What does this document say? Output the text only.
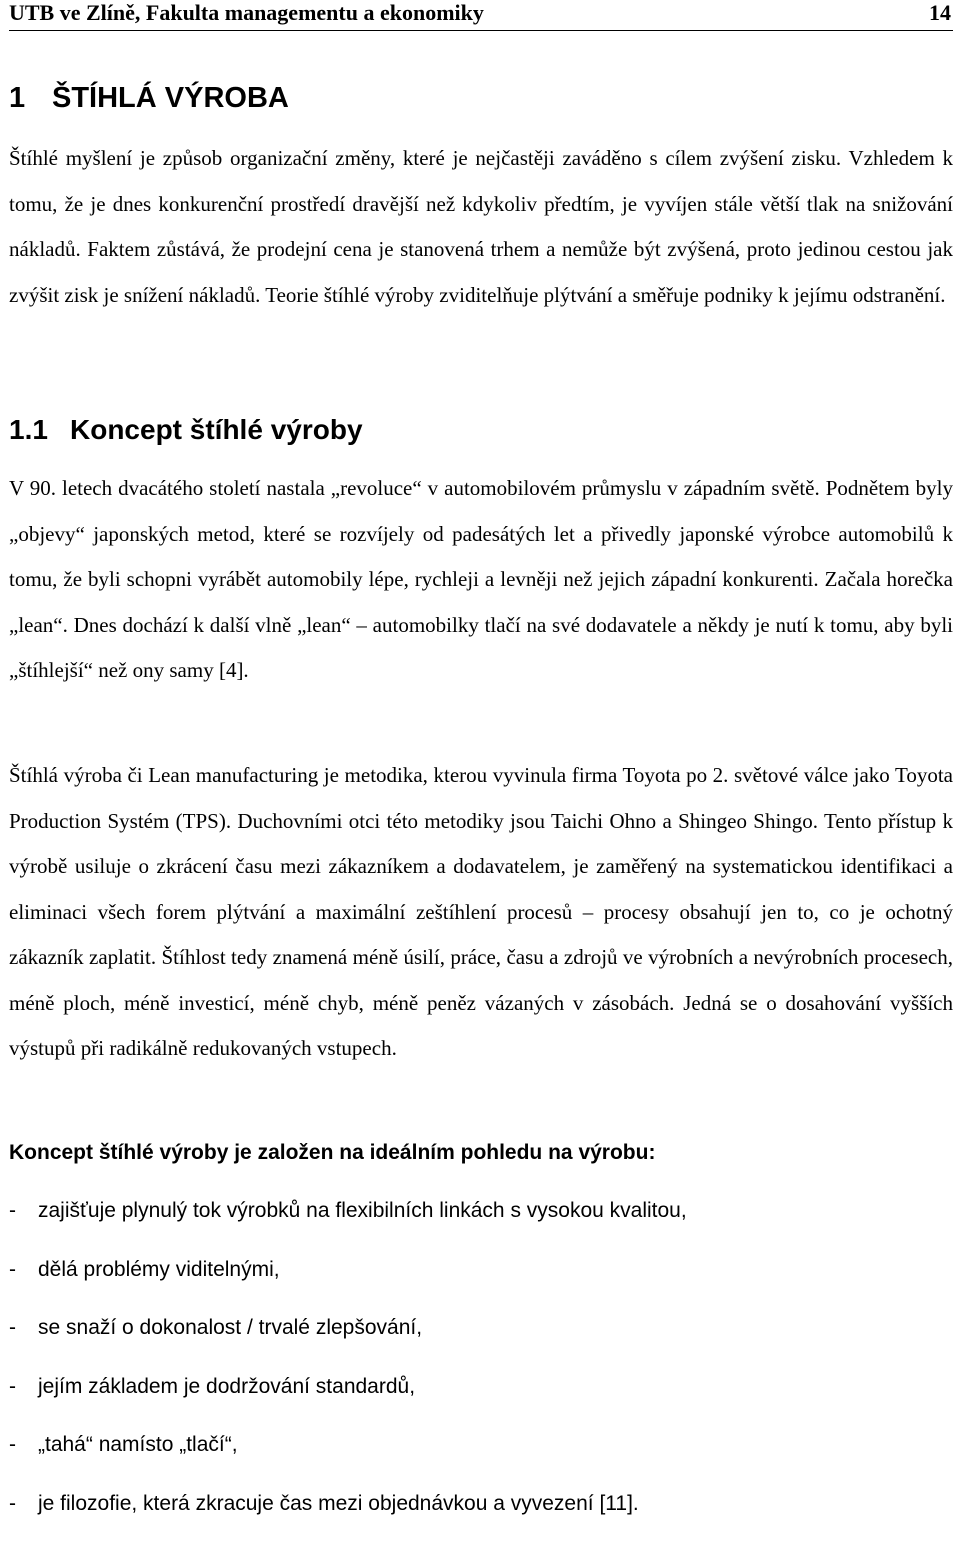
UTB ve Zlíně, Fakulta managementu a ekonomiky	14
1 ŠTÍHLÁ VÝROBA

Štíhlé myšlení je způsob organizační změny, které je nejčastěji zaváděno s cílem zvýšení zisku. Vzhledem k tomu, že je dnes konkurenční prostředí dravější než kdykoliv předtím, je vyvíjen stále větší tlak na snižování nákladů. Faktem zůstává, že prodejní cena je stanovená trhem a nemůže být zvýšená, proto jedinou cestou jak zvýšit zisk je snížení nákladů. Teorie štíhlé výroby zviditelňuje plýtvání a směřuje podniky k jejímu odstranění.

1.1 Koncept štíhlé výroby

V 90. letech dvacátého století nastala „revoluce“ v automobilovém průmyslu v západním světě. Podnětem byly „objevy“ japonských metod, které se rozvíjely od padesátých let a přivedly japonské výrobce automobilů k tomu, že byli schopni vyrábět automobily lépe, rychleji a levněji než jejich západní konkurenti. Začala horečka „lean“. Dnes dochází k další vlně „lean“ – automobilky tlačí na své dodavatele a někdy je nutí k tomu, aby byli „štíhlejší“ než ony samy [4].

Štíhlá výroba či Lean manufacturing je metodika, kterou vyvinula firma Toyota po 2. světové válce jako Toyota Production Systém (TPS). Duchovními otci této metodiky jsou Taichi Ohno a Shingeo Shingo. Tento přístup k výrobě usiluje o zkrácení času mezi zákazníkem a dodavatelem, je zaměřený na systematickou identifikaci a eliminaci všech forem plýtvání a maximální zeštíhlení procesů – procesy obsahují jen to, co je ochotný zákazník zaplatit. Štíhlost tedy znamená méně úsilí, práce, času a zdrojů ve výrobních a nevýrobních procesech, méně ploch, méně investicí, méně chyb, méně peněz vázaných v zásobách. Jedná se o dosahování vyšších výstupů při radikálně redukovaných vstupech.

Koncept štíhlé výroby je založen na ideálním pohledu na výrobu:

- zajišťuje plynulý tok výrobků na flexibilních linkách s vysokou kvalitou,
- dělá problémy viditelnými,
- se snaží o dokonalost / trvalé zlepšování,
- jejím základem je dodržování standardů,
- „tahá“ namísto „tlačí“,
- je filozofie, která zkracuje čas mezi objednávkou a vyvezení [11].
